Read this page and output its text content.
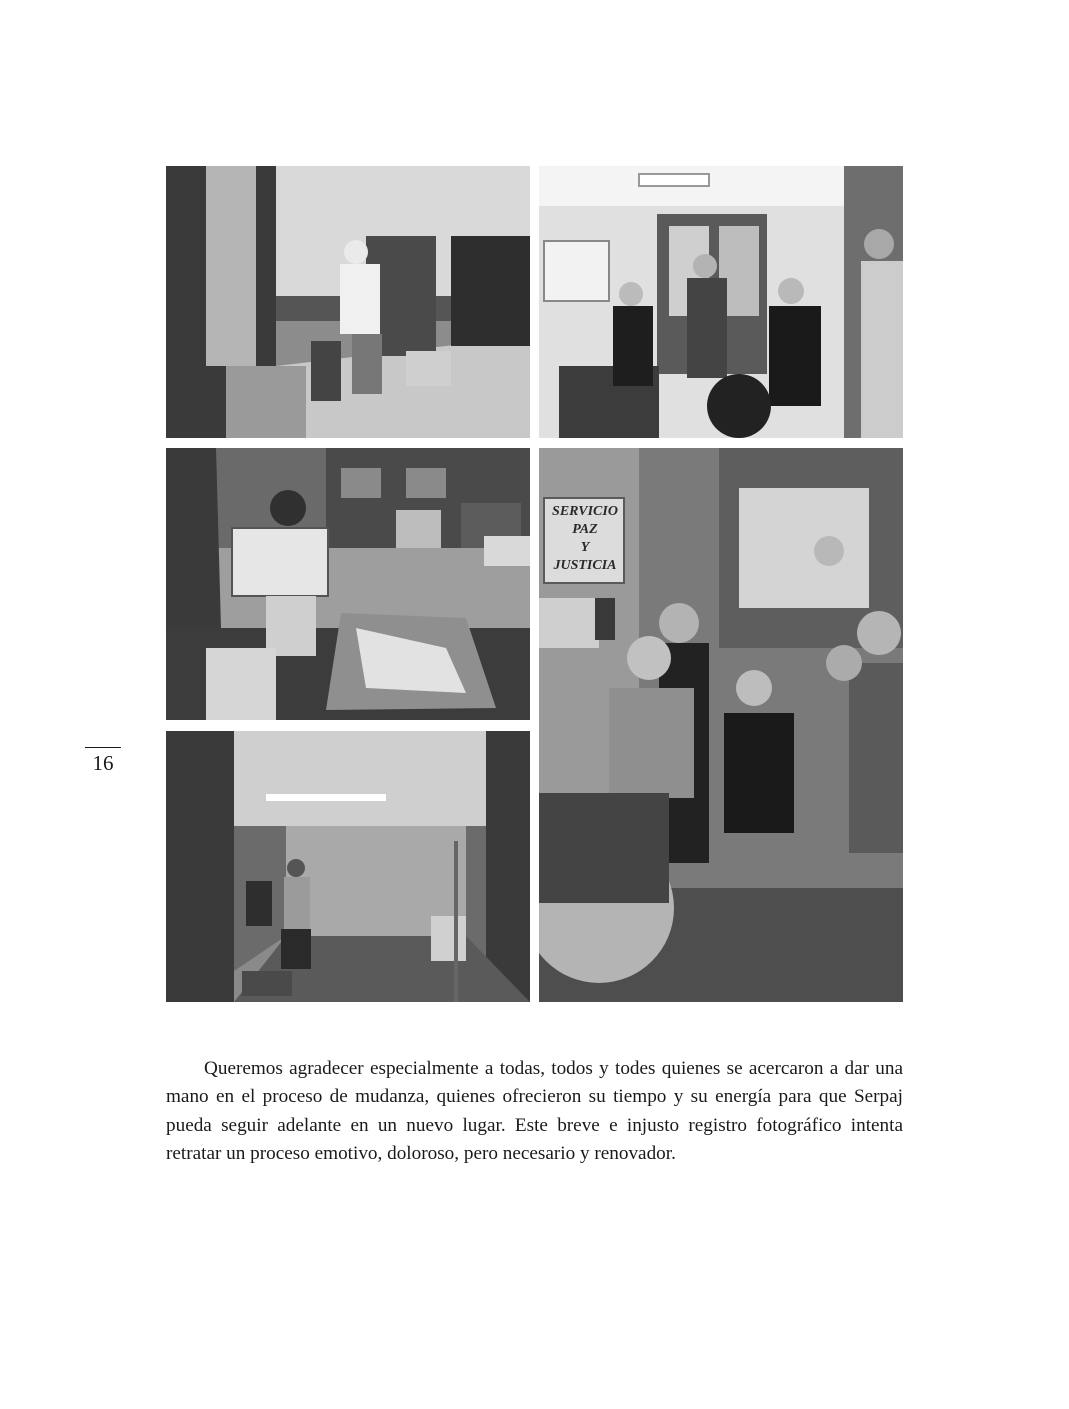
SERVICIO
PAZ
Y
JUSTICIA
16

Queremos agradecer especialmente a todas, todos y todes quienes se acercaron a dar una mano en el proceso de mudanza, quienes ofrecieron su tiempo y su energía para que Serpaj pueda seguir adelante en un nuevo lugar. Este breve e injusto registro fotográfico intenta retratar un proceso emotivo, doloroso, pero necesario y renovador.
